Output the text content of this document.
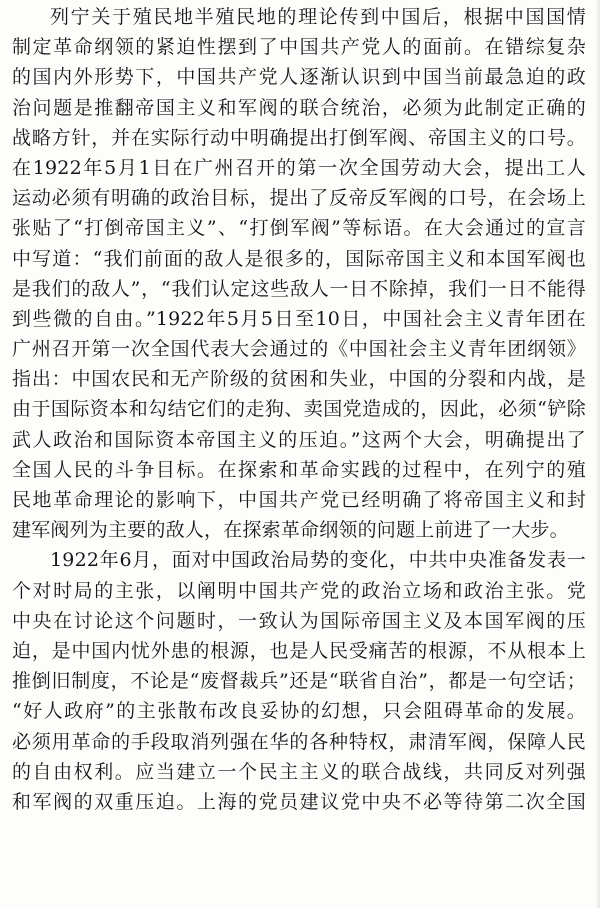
列宁关于殖民地半殖民地的理论传到中国后，根据中国国情
制定革命纲领的紧迫性摆到了中国共产党人的面前。在错综复杂
的国内外形势下，中国共产党人逐渐认识到中国当前最急迫的政
治问题是推翻帝国主义和军阀的联合统治，必须为此制定正确的
战略方针，并在实际行动中明确提出打倒军阀、帝国主义的口号。
在1922年5月1日在广州召开的第一次全国劳动大会，提出工人
运动必须有明确的政治目标，提出了反帝反军阀的口号，在会场上
张贴了“打倒帝国主义”、“打倒军阀”等标语。在大会通过的宣言
中写道：“我们前面的敌人是很多的，国际帝国主义和本国军阀也
是我们的敌人”，“我们认定这些敌人一日不除掉，我们一日不能得
到些微的自由。”1922年5月5日至10日，中国社会主义青年团在
广州召开第一次全国代表大会通过的《中国社会主义青年团纲领》
指出：中国农民和无产阶级的贫困和失业，中国的分裂和内战，是
由于国际资本和勾结它们的走狗、卖国党造成的，因此，必须“铲除
武人政治和国际资本帝国主义的压迫。”这两个大会，明确提出了
全国人民的斗争目标。在探索和革命实践的过程中，在列宁的殖
民地革命理论的影响下，中国共产党已经明确了将帝国主义和封
建军阀列为主要的敌人，在探索革命纲领的问题上前进了一大步。
1922年6月，面对中国政治局势的变化，中共中央准备发表一
个对时局的主张，以阐明中国共产党的政治立场和政治主张。党
中央在讨论这个问题时，一致认为国际帝国主义及本国军阀的压
迫，是中国内忧外患的根源，也是人民受痛苦的根源，不从根本上
推倒旧制度，不论是“废督裁兵”还是“联省自治”，都是一句空话；
“好人政府”的主张散布改良妥协的幻想，只会阻碍革命的发展。
必须用革命的手段取消列强在华的各种特权，肃清军阀，保障人民
的自由权利。应当建立一个民主主义的联合战线，共同反对列强
和军阀的双重压迫。上海的党员建议党中央不必等待第二次全国
